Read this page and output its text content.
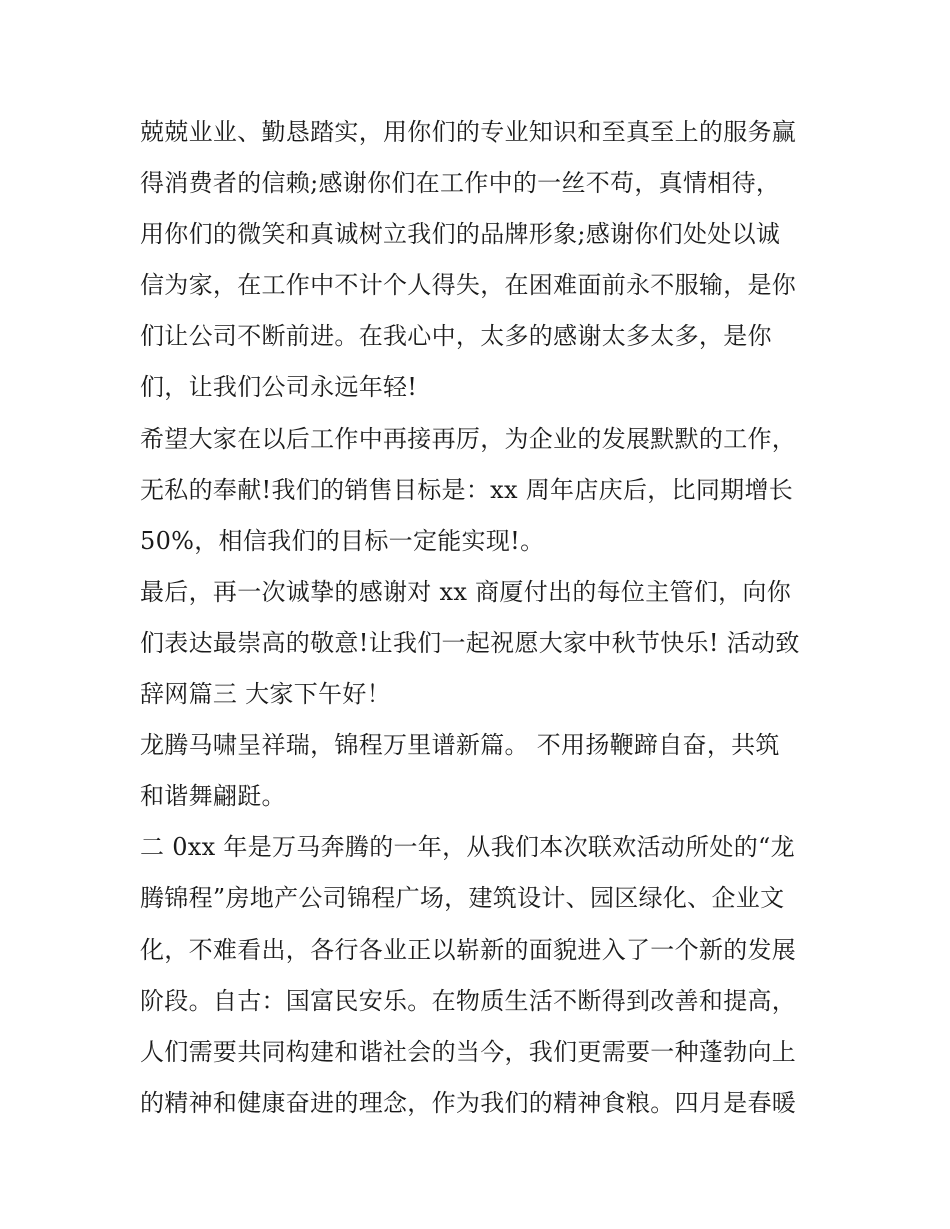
兢兢业业、勤恳踏实，用你们的专业知识和至真至上的服务赢
得消费者的信赖;感谢你们在工作中的一丝不苟，真情相待，
用你们的微笑和真诚树立我们的品牌形象;感谢你们处处以诚
信为家，在工作中不计个人得失，在困难面前永不服输，是你
们让公司不断前进。在我心中，太多的感谢太多太多，是你
们，让我们公司永远年轻!
希望大家在以后工作中再接再厉，为企业的发展默默的工作，
无私的奉献!我们的销售目标是：xx 周年店庆后，比同期增长
50%，相信我们的目标一定能实现!。
最后，再一次诚挚的感谢对 xx 商厦付出的每位主管们，向你
们表达最崇高的敬意!让我们一起祝愿大家中秋节快乐! 活动致
辞网篇三 大家下午好！
龙腾马啸呈祥瑞，锦程万里谱新篇。 不用扬鞭蹄自奋，共筑
和谐舞翩跹。
二 0xx 年是万马奔腾的一年，从我们本次联欢活动所处的“龙
腾锦程”房地产公司锦程广场，建筑设计、园区绿化、企业文
化，不难看出，各行各业正以崭新的面貌进入了一个新的发展
阶段。自古：国富民安乐。在物质生活不断得到改善和提高，
人们需要共同构建和谐社会的当今，我们更需要一种蓬勃向上
的精神和健康奋进的理念，作为我们的精神食粮。四月是春暖
